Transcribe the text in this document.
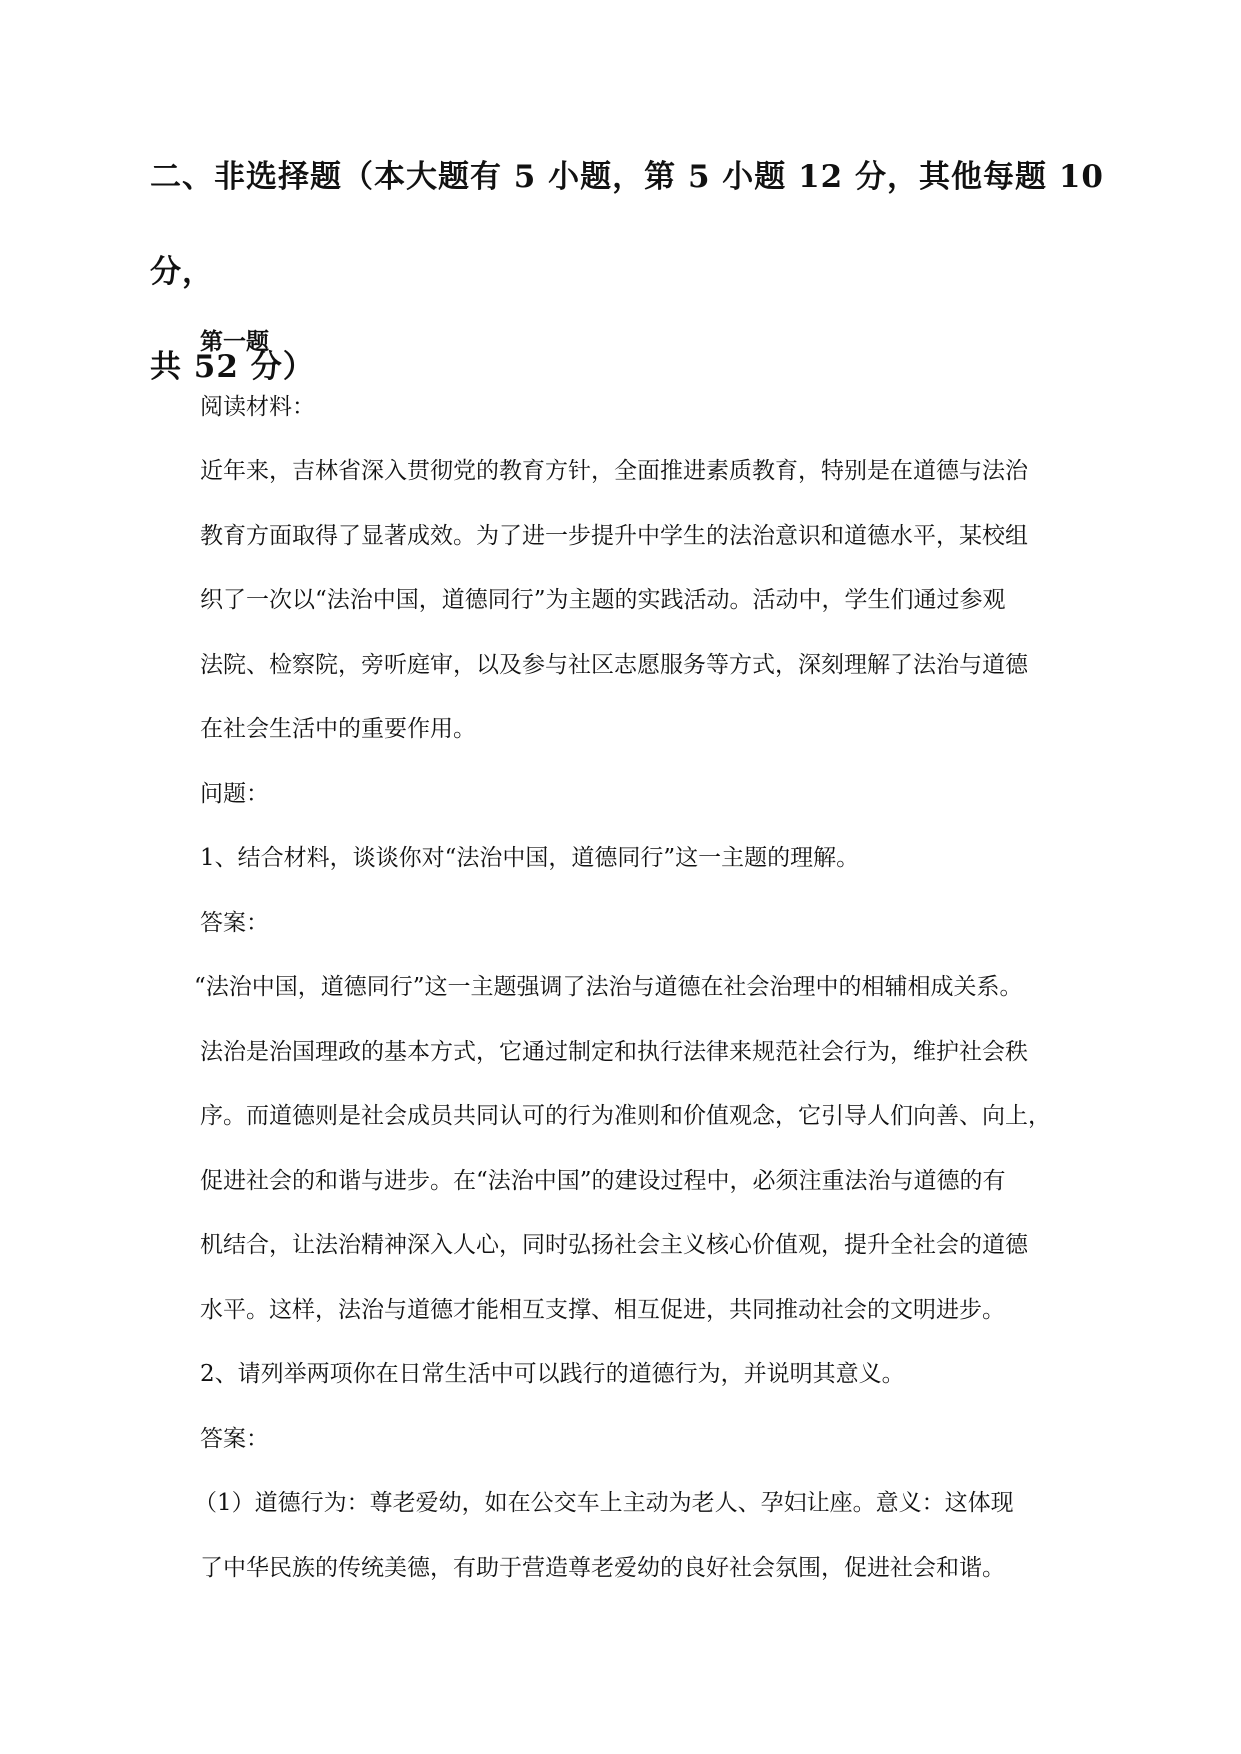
二、非选择题（本大题有 5 小题，第 5 小题 12 分，其他每题 10 分，
共 52 分）

第一题

阅读材料：

近年来，吉林省深入贯彻党的教育方针，全面推进素质教育，特别是在道德与法治

教育方面取得了显著成效。为了进一步提升中学生的法治意识和道德水平，某校组

织了一次以“法治中国，道德同行”为主题的实践活动。活动中，学生们通过参观

法院、检察院，旁听庭审，以及参与社区志愿服务等方式，深刻理解了法治与道德

在社会生活中的重要作用。

问题：

1、结合材料，谈谈你对“法治中国，道德同行”这一主题的理解。

答案：

“法治中国，道德同行”这一主题强调了法治与道德在社会治理中的相辅相成关系。

法治是治国理政的基本方式，它通过制定和执行法律来规范社会行为，维护社会秩

序。而道德则是社会成员共同认可的行为准则和价值观念，它引导人们向善、向上，

促进社会的和谐与进步。在“法治中国”的建设过程中，必须注重法治与道德的有

机结合，让法治精神深入人心，同时弘扬社会主义核心价值观，提升全社会的道德

水平。这样，法治与道德才能相互支撑、相互促进，共同推动社会的文明进步。

2、请列举两项你在日常生活中可以践行的道德行为，并说明其意义。

答案：

（1）道德行为：尊老爱幼，如在公交车上主动为老人、孕妇让座。意义：这体现

了中华民族的传统美德，有助于营造尊老爱幼的良好社会氛围，促进社会和谐。
